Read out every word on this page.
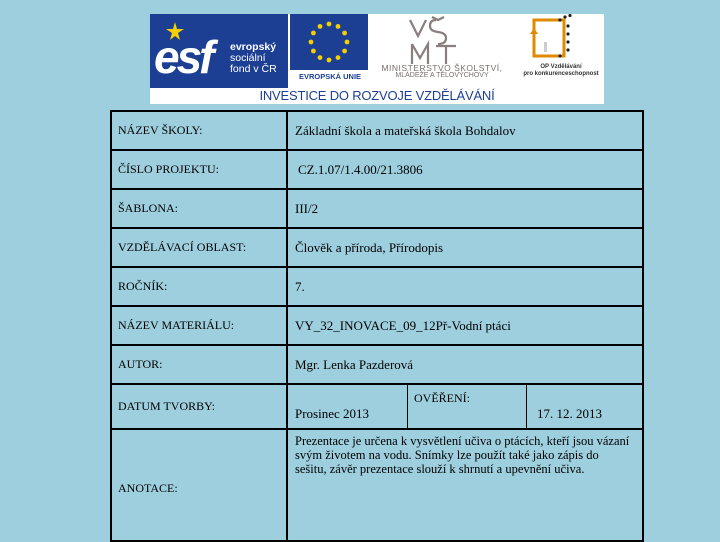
esf evropský
sociální
fond v ČR
EVROPSKÁ UNIE
MINISTERSTVO ŠKOLSTVÍ,
MLÁDEŽE A TĚLOVÝCHOVY
OP Vzdělávání
pro konkurenceschopnost
INVESTICE DO ROZVOJE VZDĚLÁVÁNÍ
NÁZEV ŠKOLY:	Základní škola a mateřská škola Bohdalov		
ČÍSLO PROJEKTU:	CZ.1.07/1.4.00/21.3806		
ŠABLONA:	III/2		
VZDĚLÁVACÍ OBLAST:	Člověk a příroda, Přírodopis		
ROČNÍK:	7.		
NÁZEV MATERIÁLU:	VY_32_INOVACE_09_12Př-Vodní ptáci		
AUTOR:	Mgr. Lenka Pazderová		
DATUM TVORBY:	Prosinec 2013	OVĚŘENÍ:	17. 12. 2013
ANOTACE:	Prezentace je určena k vysvětlení učiva o ptácích, kteří jsou vázaní svým životem na vodu. Snímky lze použít také jako zápis do sešitu, závěr prezentace slouží k shrnutí a upevnění učiva.		
